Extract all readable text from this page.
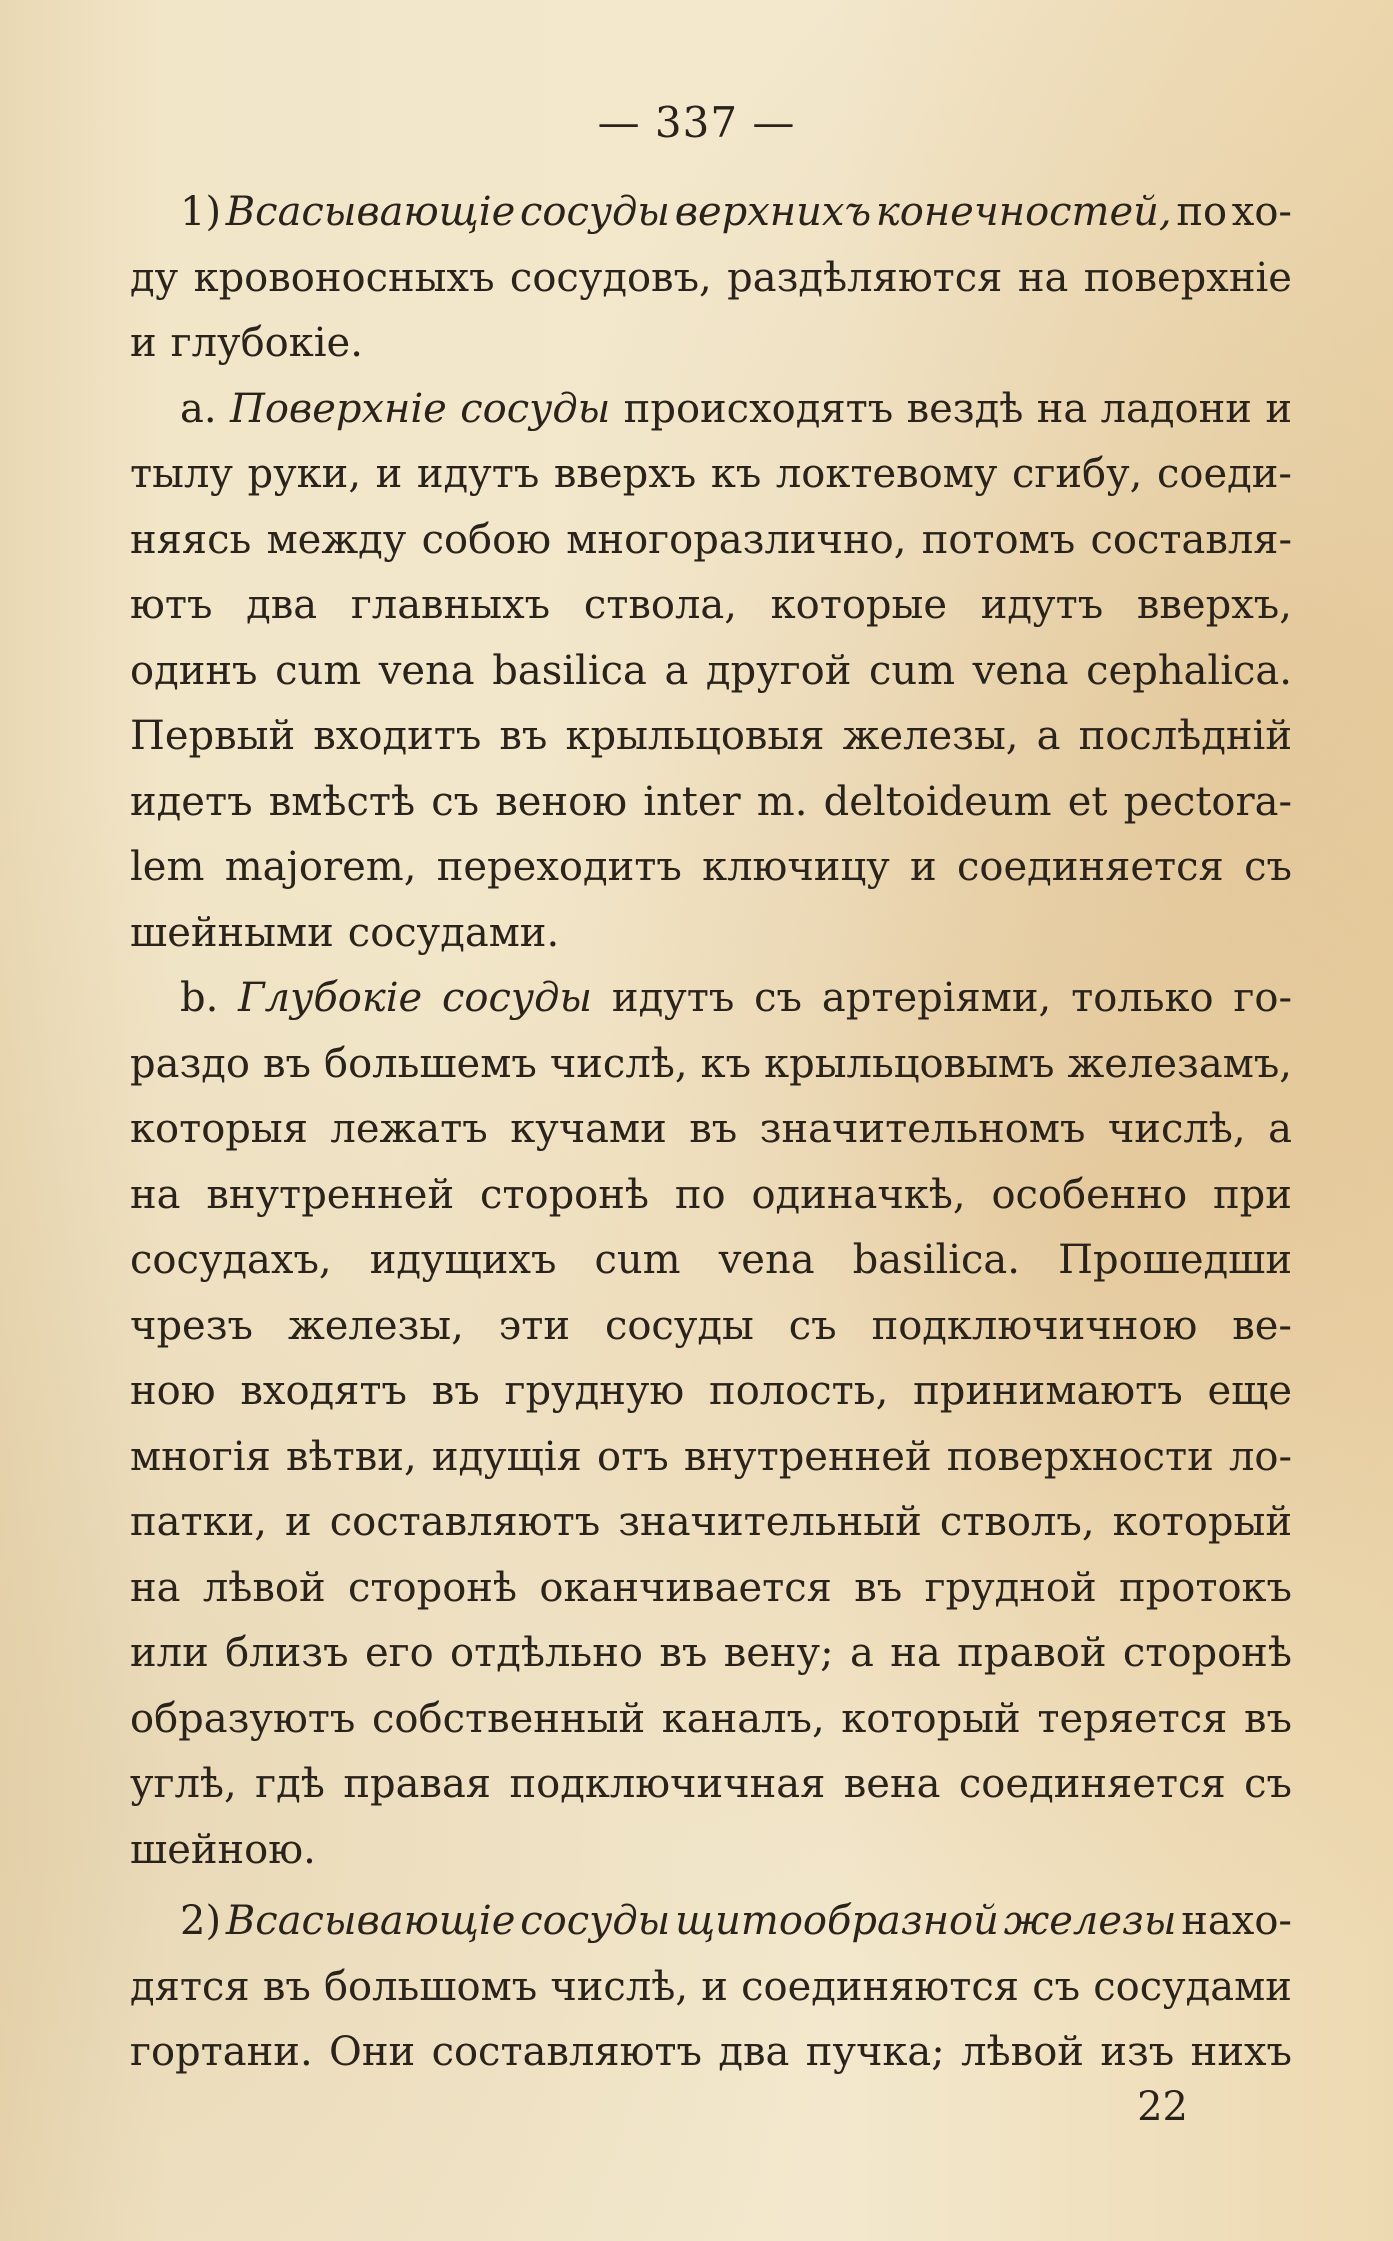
— 337 —
1) Всасывающіе сосуды верхнихъ конечностей, по хо-
ду кровоносныхъ сосудовъ, раздѣляются на поверхніе
и глубокіе.
а. Поверхніе сосуды происходятъ вездѣ на ладони и
тылу руки, и идутъ вверхъ къ локтевому сгибу, соеди-
няясь между собою многоразлично, потомъ составля-
ютъ два главныхъ ствола, которые идутъ вверхъ,
одинъ cum vena basilica а другой cum vena cephalica.
Первый входитъ въ крыльцовыя железы, а послѣдній
идетъ вмѣстѣ съ веною inter m. deltoideum et pectora-
lem majorem, переходитъ ключицу и соединяется съ
шейными сосудами.
b. Глубокіе сосуды идутъ съ артеріями, только го-
раздо въ большемъ числѣ, къ крыльцовымъ железамъ,
которыя лежатъ кучами въ значительномъ числѣ, а
на внутренней сторонѣ по одиначкѣ, особенно при
сосудахъ, идущихъ cum vena basilica. Прошедши
чрезъ железы, эти сосуды съ подключичною ве-
ною входятъ въ грудную полость, принимаютъ еще
многія вѣтви, идущія отъ внутренней поверхности ло-
патки, и составляютъ значительный стволъ, который
на лѣвой сторонѣ оканчивается въ грудной протокъ
или близъ его отдѣльно въ вену; а на правой сторонѣ
образуютъ собственный каналъ, который теряется въ
углѣ, гдѣ правая подключичная вена соединяется съ
шейною.
2) Всасывающіе сосуды щитообразной железы нахо-
дятся въ большомъ числѣ, и соединяются съ сосудами
гортани. Они составляютъ два пучка; лѣвой изъ нихъ
22
